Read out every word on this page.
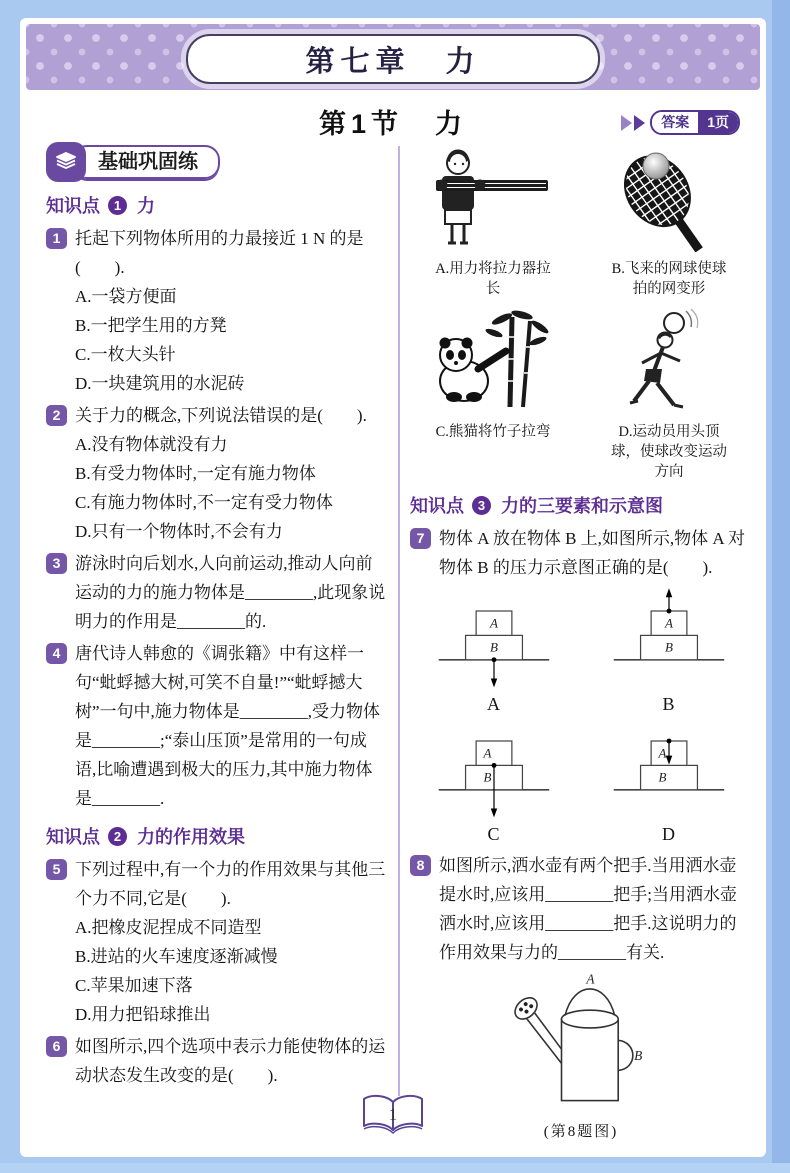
第七章　力
第1节　力	答案	1页
基础巩固练
知识点	1 力
1 托起下列物体所用的力最接近 1 N 的是(　　).
A.一袋方便面
B.一把学生用的方凳
C.一枚大头针
D.一块建筑用的水泥砖
2 关于力的概念,下列说法错误的是(　　).
A.没有物体就没有力
B.有受力物体时,一定有施力物体
C.有施力物体时,不一定有受力物体
D.只有一个物体时,不会有力
3 游泳时向后划水,人向前运动,推动人向前运动的力的施力物体是________,此现象说明力的作用是________的.
4 唐代诗人韩愈的《调张籍》中有这样一句“蚍蜉撼大树,可笑不自量!”“蚍蜉撼大树”一句中,施力物体是________,受力物体是________;“泰山压顶”是常用的一句成语,比喻遭遇到极大的压力,其中施力物体是________.
知识点	2 力的作用效果
5 下列过程中,有一个力的作用效果与其他三个力不同,它是(　　).
A.把橡皮泥捏成不同造型
B.进站的火车速度逐渐减慢
C.苹果加速下落
D.用力把铅球推出
6 如图所示,四个选项中表示力能使物体的运动状态发生改变的是(　　).
A.用力将拉力器拉长
B.飞来的网球使球拍的网变形
C.熊猫将竹子拉弯	D.运动员用头顶球，使球改变运动方向
知识点	3 力的三要素和示意图
7 物体 A 放在物体 B 上,如图所示,物体 A 对物体 B 的压力示意图正确的是(　　).
A
B
A
A
B
B
A
B
C
A
B
D
8 如图所示,洒水壶有两个把手.当用洒水壶提水时,应该用________把手;当用洒水壶洒水时,应该用________把手.这说明力的作用效果与力的________有关.
A
B
(第8题图)
1
